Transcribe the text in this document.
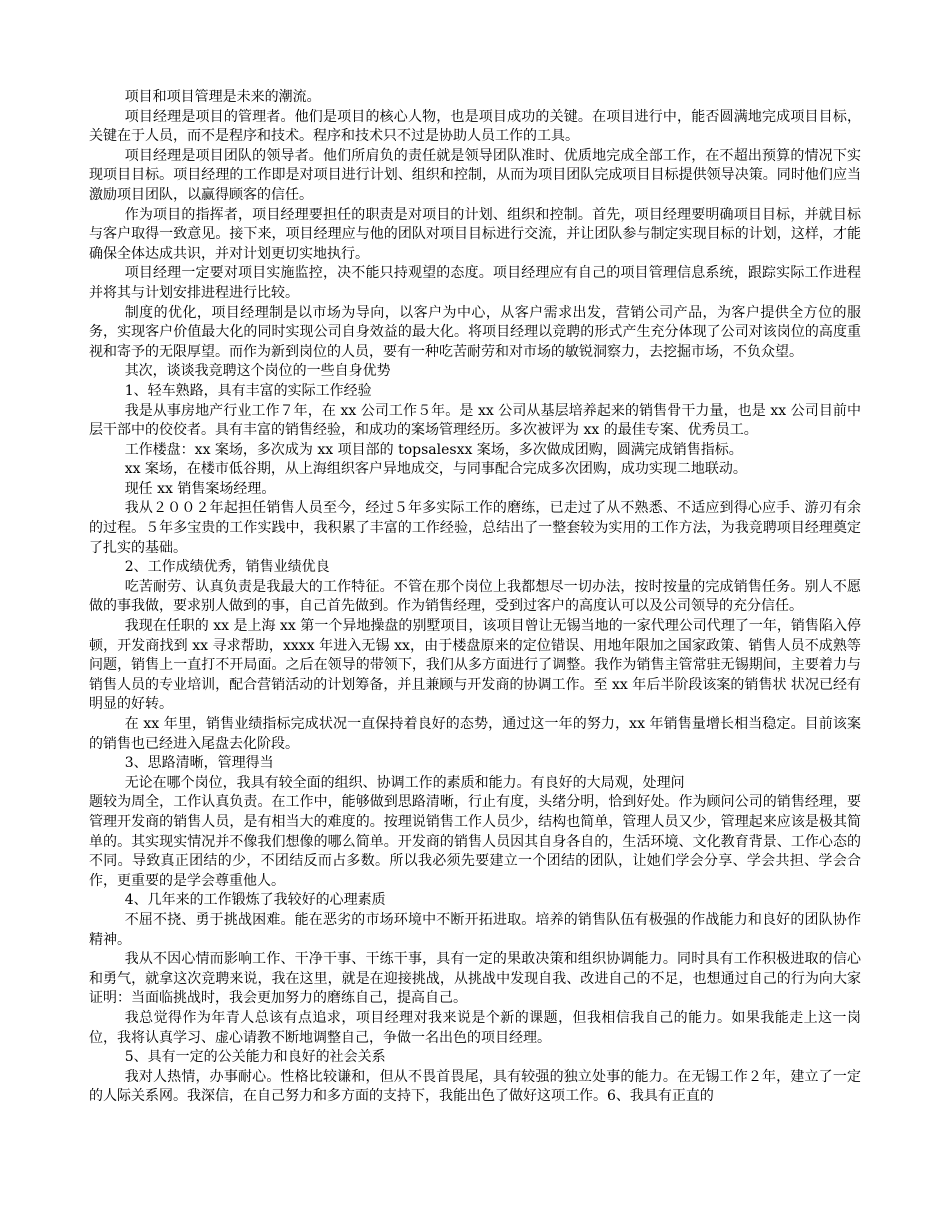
项目和项目管理是未来的潮流。

项目经理是项目的管理者。他们是项目的核心人物，也是项目成功的关键。在项目进行中，能否圆满地完成项目目标，关键在于人员，而不是程序和技术。程序和技术只不过是协助人员工作的工具。

项目经理是项目团队的领导者。他们所肩负的责任就是领导团队准时、优质地完成全部工作，在不超出预算的情况下实现项目目标。项目经理的工作即是对项目进行计划、组织和控制，从而为项目团队完成项目目标提供领导决策。同时他们应当激励项目团队，以赢得顾客的信任。

作为项目的指挥者，项目经理要担任的职责是对项目的计划、组织和控制。首先，项目经理要明确项目目标，并就目标与客户取得一致意见。接下来，项目经理应与他的团队对项目目标进行交流，并让团队参与制定实现目标的计划，这样，才能确保全体达成共识，并对计划更切实地执行。

项目经理一定要对项目实施监控，决不能只持观望的态度。项目经理应有自己的项目管理信息系统，跟踪实际工作进程并将其与计划安排进程进行比较。

制度的优化，项目经理制是以市场为导向，以客户为中心，从客户需求出发，营销公司产品，为客户提供全方位的服务，实现客户价值最大化的同时实现公司自身效益的最大化。将项目经理以竞聘的形式产生充分体现了公司对该岗位的高度重视和寄予的无限厚望。而作为新到岗位的人员，要有一种吃苦耐劳和对市场的敏锐洞察力，去挖掘市场，不负众望。

其次，谈谈我竞聘这个岗位的一些自身优势

1、轻车熟路，具有丰富的实际工作经验

我是从事房地产行业工作７年，在 xx 公司工作５年。是 xx 公司从基层培养起来的销售骨干力量，也是 xx 公司目前中层干部中的佼佼者。具有丰富的销售经验，和成功的案场管理经历。多次被评为 xx 的最佳专案、优秀员工。

工作楼盘：xx 案场，多次成为 xx 项目部的 topsalesxx 案场，多次做成团购，圆满完成销售指标。

xx 案场，在楼市低谷期，从上海组织客户异地成交，与同事配合完成多次团购，成功实现二地联动。

现任 xx 销售案场经理。

我从２００２年起担任销售人员至今，经过５年多实际工作的磨练，已走过了从不熟悉、不适应到得心应手、游刃有余的过程。５年多宝贵的工作实践中，我积累了丰富的工作经验，总结出了一整套较为实用的工作方法，为我竞聘项目经理奠定了扎实的基础。

2、工作成绩优秀，销售业绩优良

吃苦耐劳、认真负责是我最大的工作特征。不管在那个岗位上我都想尽一切办法，按时按量的完成销售任务。别人不愿做的事我做，要求别人做到的事，自己首先做到。作为销售经理，受到过客户的高度认可以及公司领导的充分信任。

我现在任职的 xx 是上海 xx 第一个异地操盘的别墅项目，该项目曾让无锡当地的一家代理公司代理了一年，销售陷入停顿，开发商找到 xx 寻求帮助，xxxx 年进入无锡 xx，由于楼盘原来的定位错误、用地年限加之国家政策、销售人员不成熟等问题，销售上一直打不开局面。之后在领导的带领下，我们从多方面进行了调整。我作为销售主管常驻无锡期间，主要着力与销售人员的专业培训，配合营销活动的计划筹备，并且兼顾与开发商的协调工作。至 xx 年后半阶段该案的销售状 状况已经有明显的好转。

在 xx 年里，销售业绩指标完成状况一直保持着良好的态势，通过这一年的努力，xx 年销售量增长相当稳定。目前该案的销售也已经进入尾盘去化阶段。

3、思路清晰，管理得当

无论在哪个岗位，我具有较全面的组织、协调工作的素质和能力。有良好的大局观，处理问

题较为周全，工作认真负责。在工作中，能够做到思路清晰，行止有度，头绪分明，恰到好处。作为顾问公司的销售经理，要管理开发商的销售人员，是有相当大的难度的。按理说销售工作人员少，结构也简单，管理人员又少，管理起来应该是极其简单的。其实现实情况并不像我们想像的哪么简单。开发商的销售人员因其自身各自的，生活环境、文化教育背景、工作心态的不同。导致真正团结的少，不团结反而占多数。所以我必须先要建立一个团结的团队，让她们学会分享、学会共担、学会合作，更重要的是学会尊重他人。

4、几年来的工作锻炼了我较好的心理素质

不屈不挠、勇于挑战困难。能在恶劣的市场环境中不断开拓进取。培养的销售队伍有极强的作战能力和良好的团队协作精神。

我从不因心情而影响工作、干净干事、干练干事，具有一定的果敢决策和组织协调能力。同时具有工作积极进取的信心和勇气，就拿这次竞聘来说，我在这里，就是在迎接挑战，从挑战中发现自我、改进自己的不足，也想通过自己的行为向大家证明：当面临挑战时，我会更加努力的磨练自己，提高自己。

我总觉得作为年青人总该有点追求，项目经理对我来说是个新的课题，但我相信我自己的能力。如果我能走上这一岗位，我将认真学习、虚心请教不断地调整自己，争做一名出色的项目经理。

5、具有一定的公关能力和良好的社会关系

我对人热情，办事耐心。性格比较谦和，但从不畏首畏尾，具有较强的独立处事的能力。在无锡工作２年，建立了一定的人际关系网。我深信，在自己努力和多方面的支持下，我能出色了做好这项工作。6、我具有正直的
